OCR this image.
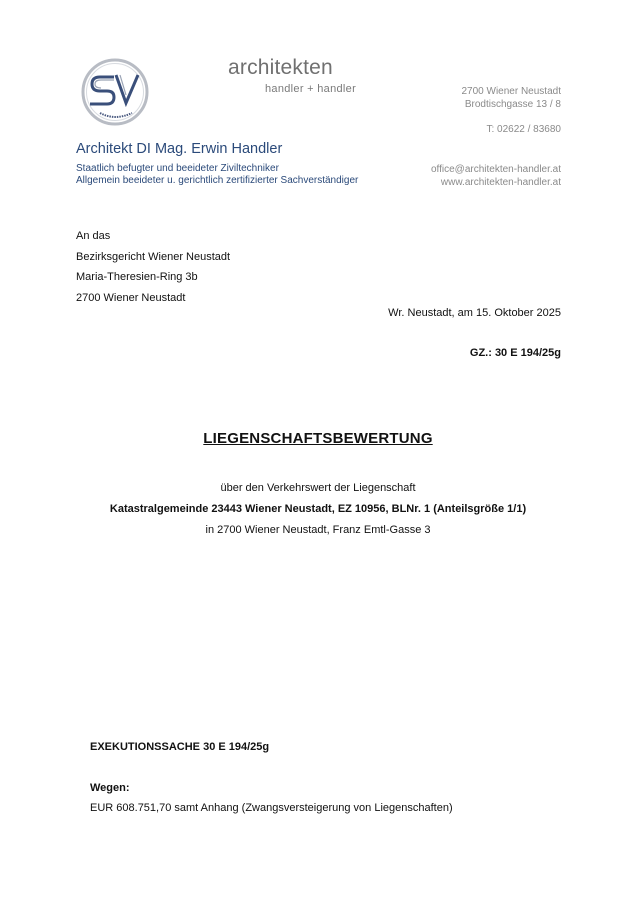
architekten
handler + handler	2700 Wiener Neustadt
Brodtischgasse 13 / 8
T: 02622 / 83680
office@architekten-handler.at
www.architekten-handler.at
Architekt DI Mag. Erwin Handler
Staatlich befugter und beeideter Ziviltechniker
Allgemein beeideter u. gerichtlich zertifizierter Sachverständiger
An das
Bezirksgericht Wiener Neustadt
Maria-Theresien-Ring 3b
2700 Wiener Neustadt
Wr. Neustadt, am 15. Oktober 2025
GZ.: 30 E 194/25g
LIEGENSCHAFTSBEWERTUNG
über den Verkehrswert der Liegenschaft
Katastralgemeinde 23443 Wiener Neustadt, EZ 10956, BLNr. 1 (Anteilsgröße 1/1)
in 2700 Wiener Neustadt, Franz Emtl-Gasse 3
EXEKUTIONSSACHE 30 E 194/25g
Wegen:
EUR 608.751,70 samt Anhang (Zwangsversteigerung von Liegenschaften)
